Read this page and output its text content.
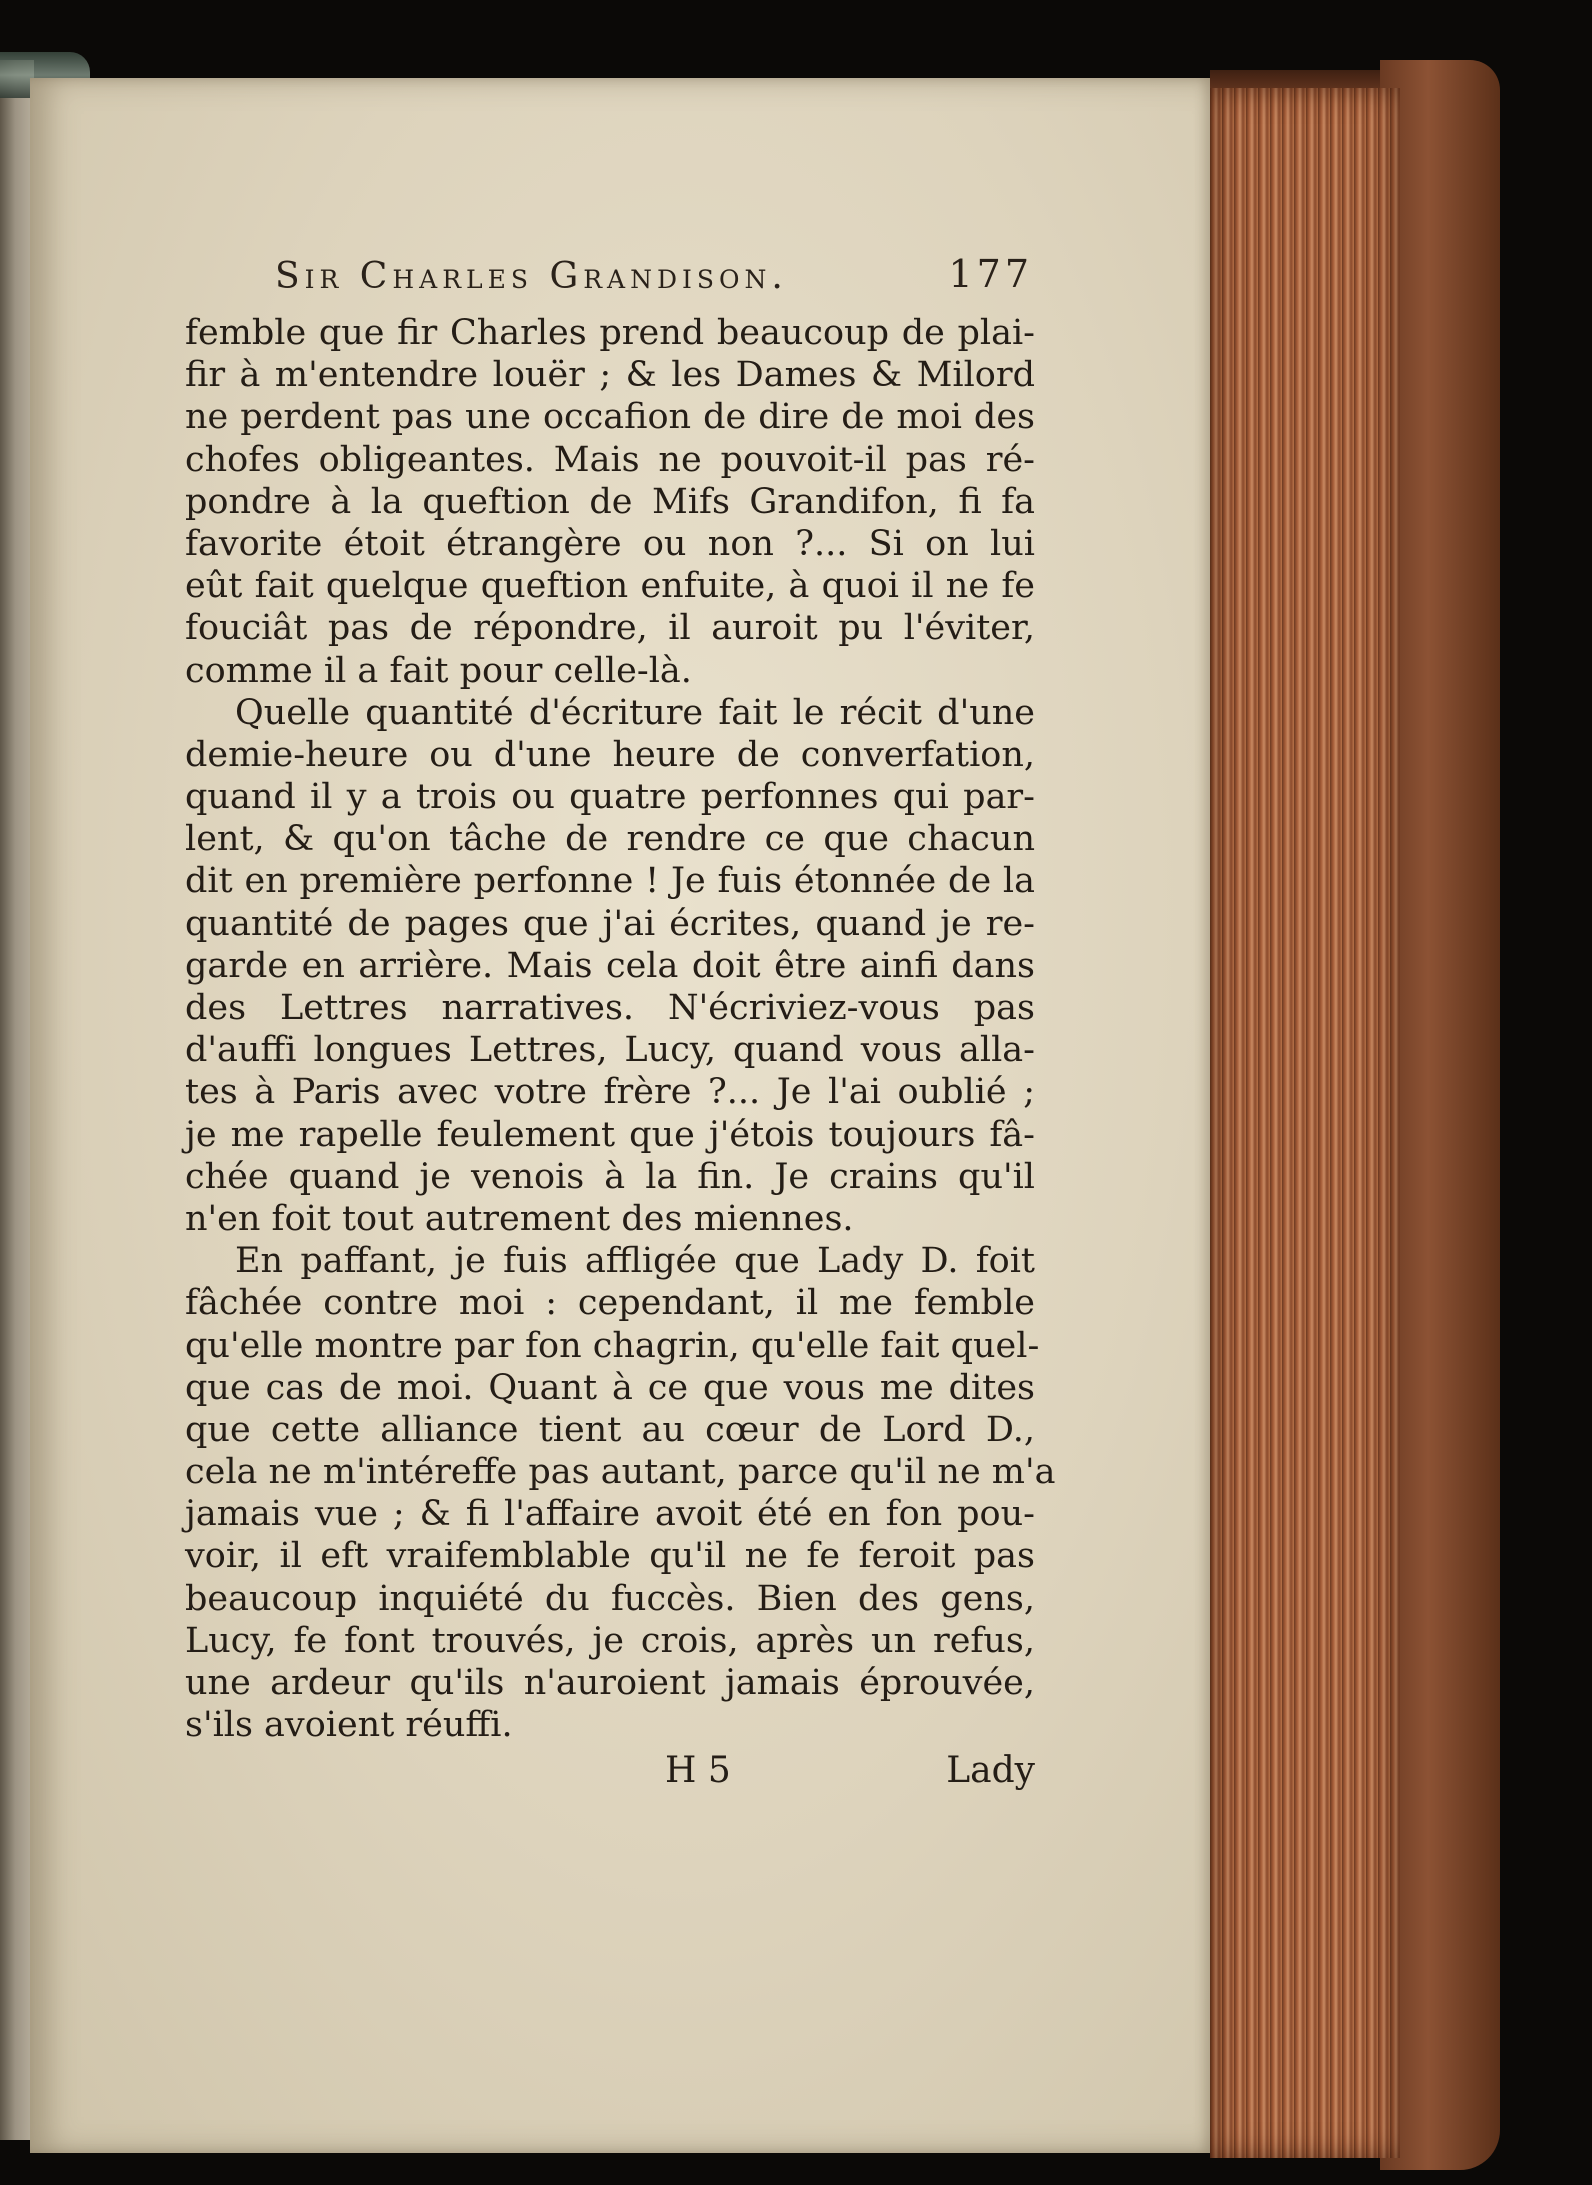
Sir Charles Grandison.	177
femble que fir Charles prend beaucoup de plai-
fir à m'entendre louër ; & les Dames & Milord
ne perdent pas une occafion de dire de moi des
chofes obligeantes. Mais ne pouvoit-il pas ré-
pondre à la queftion de Mifs Grandifon, fi fa
favorite étoit étrangère ou non ?... Si on lui
eût fait quelque queftion enfuite, à quoi il ne fe
fouciât pas de répondre, il auroit pu l'éviter,
comme il a fait pour celle-là.
Quelle quantité d'écriture fait le récit d'une
demie-heure ou d'une heure de converfation,
quand il y a trois ou quatre perfonnes qui par-
lent, & qu'on tâche de rendre ce que chacun
dit en première perfonne ! Je fuis étonnée de la
quantité de pages que j'ai écrites, quand je re-
garde en arrière. Mais cela doit être ainfi dans
des Lettres narratives. N'écriviez-vous pas
d'auffi longues Lettres, Lucy, quand vous alla-
tes à Paris avec votre frère ?... Je l'ai oublié ;
je me rapelle feulement que j'étois toujours fâ-
chée quand je venois à la fin. Je crains qu'il
n'en foit tout autrement des miennes.
En paffant, je fuis affligée que Lady D. foit
fâchée contre moi : cependant, il me femble
qu'elle montre par fon chagrin, qu'elle fait quel-
que cas de moi. Quant à ce que vous me dites
que cette alliance tient au cœur de Lord D.,
cela ne m'intéreffe pas autant, parce qu'il ne m'a
jamais vue ; & fi l'affaire avoit été en fon pou-
voir, il eft vraifemblable qu'il ne fe feroit pas
beaucoup inquiété du fuccès. Bien des gens,
Lucy, fe font trouvés, je crois, après un refus,
une ardeur qu'ils n'auroient jamais éprouvée,
s'ils avoient réuffi.
H 5	Lady
